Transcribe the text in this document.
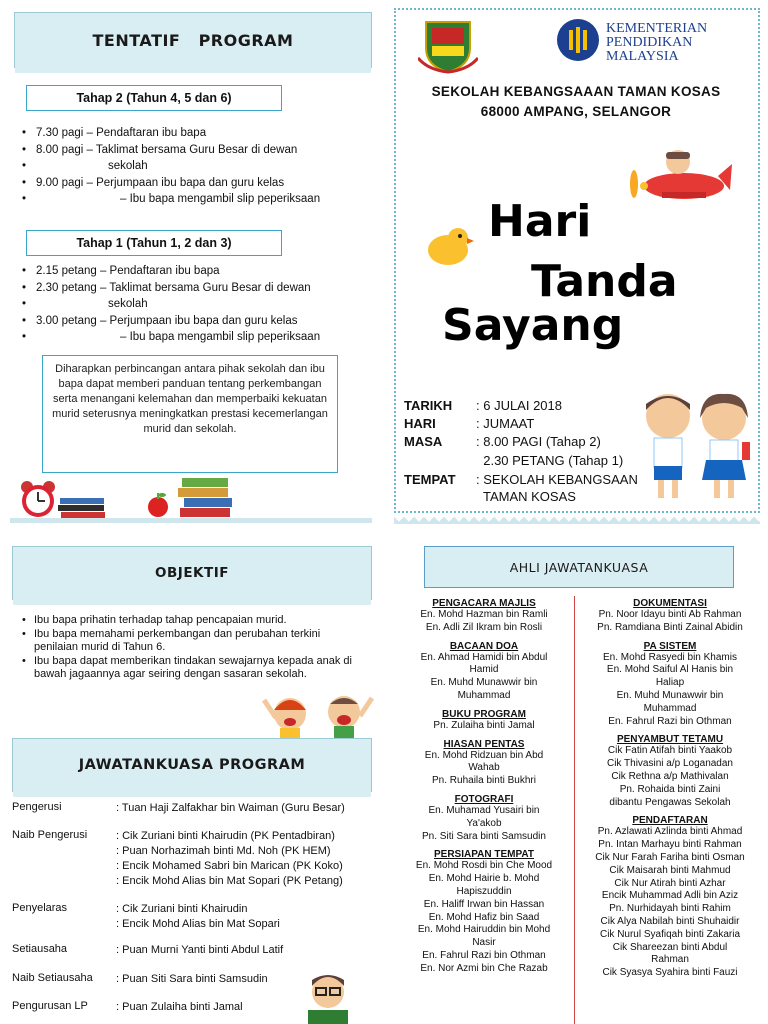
TENTATIF   PROGRAM
Tahap 2 (Tahun 4, 5 dan 6)
• 7.30 pagi – Pendaftaran ibu bapa
• 8.00 pagi – Taklimat bersama Guru Besar di dewan
• sekolah
• 9.00 pagi – Perjumpaan ibu bapa dan guru kelas
• – Ibu bapa mengambil slip peperiksaan
Tahap 1 (Tahun 1, 2 dan 3)
• 2.15 petang – Pendaftaran ibu bapa
• 2.30 petang – Taklimat bersama Guru Besar di dewan
• sekolah
• 3.00 petang – Perjumpaan ibu bapa dan guru kelas
• – Ibu bapa mengambil slip peperiksaan
Diharapkan perbincangan antara pihak sekolah dan ibu bapa dapat memberi panduan tentang perkembangan serta menangani kelemahan dan memperbaiki kekuatan murid seterusnya meningkatkan prestasi kecemerlangan murid dan sekolah.
KEMENTERIAN
PENDIDIKAN
MALAYSIA
SEKOLAH KEBANGSAAAN TAMAN KOSAS
68000 AMPANG, SELANGOR
Hari
Tanda
Sayang
TARIKH	: 6 JULAI 2018
HARI	: JUMAAT
MASA	: 8.00 PAGI (Tahap 2)
2.30 PETANG (Tahap 1)
TEMPAT	: SEKOLAH KEBANGSAAN
TAMAN KOSAS
OBJEKTIF
• Ibu bapa prihatin terhadap tahap pencapaian murid.
• Ibu bapa memahami perkembangan dan perubahan terkini penilaian murid di Tahun 6.
• Ibu bapa dapat memberikan tindakan sewajarnya kepada anak di bawah jagaannya agar seiring dengan sasaran sekolah.
JAWATANKUASA PROGRAM
Pengerusi	: Tuan Haji Zalfakhar bin Waiman (Guru Besar)
Naib Pengerusi	: Cik Zuriani binti Khairudin (PK Pentadbiran)
: Puan Norhazimah binti Md. Noh (PK HEM)
: Encik Mohamed Sabri bin Marican (PK Koko)
: Encik Mohd Alias bin Mat Sopari (PK Petang)
Penyelaras	: Cik Zuriani binti Khairudin
: Encik Mohd Alias bin Mat Sopari
Setiausaha	: Puan Murni Yanti binti Abdul Latif
Naib Setiausaha	: Puan Siti Sara binti Samsudin
Pengurusan LP	: Puan Zulaiha binti Jamal
AHLI JAWATANKUASA
PENGACARA MAJLIS
En. Mohd Hazman bin Ramli
En. Adli Zil Ikram bin Rosli
BACAAN DOA
En. Ahmad Hamidi bin Abdul
Hamid
En. Muhd Munawwir bin
Muhammad
BUKU PROGRAM
Pn. Zulaiha binti Jamal
HIASAN PENTAS
En. Mohd Ridzuan bin Abd
Wahab
Pn. Ruhaila binti Bukhri
FOTOGRAFI
En. Muhamad Yusairi bin
Ya'akob
Pn. Siti Sara binti Samsudin
PERSIAPAN TEMPAT
En. Mohd Rosdi bin Che Mood
En. Mohd Hairie b. Mohd
Hapiszuddin
En. Haliff Irwan bin Hassan
En. Mohd Hafiz bin Saad
En. Mohd Hairuddin bin Mohd
Nasir
En. Fahrul Razi bin Othman
En. Nor Azmi bin Che Razab
DOKUMENTASI
Pn. Noor Idayu binti Ab Rahman
Pn. Ramdiana Binti Zainal Abidin
PA SISTEM
En. Mohd Rasyedi bin Khamis
En. Mohd Saiful Al Hanis bin
Haliap
En. Muhd Munawwir bin
Muhammad
En. Fahrul Razi bin Othman
PENYAMBUT TETAMU
Cik Fatin Atifah binti Yaakob
Cik Thivasini a/p Loganadan
Cik Rethna a/p Mathivalan
Pn. Rohaida binti Zaini
dibantu Pengawas Sekolah
PENDAFTARAN
Pn. Azlawati Azlinda binti Ahmad
Pn. Intan Marhayu binti Rahman
Cik Nur Farah Fariha binti Osman
Cik Maisarah binti Mahmud
Cik Nur Atirah binti Azhar
Encik Muhammad Adli bin Aziz
Pn. Nurhidayah binti Rahim
Cik Alya Nabilah binti Shuhaidir
Cik Nurul Syafiqah binti Zakaria
Cik Shareezan binti Abdul
Rahman
Cik Syasya Syahira binti Fauzi
